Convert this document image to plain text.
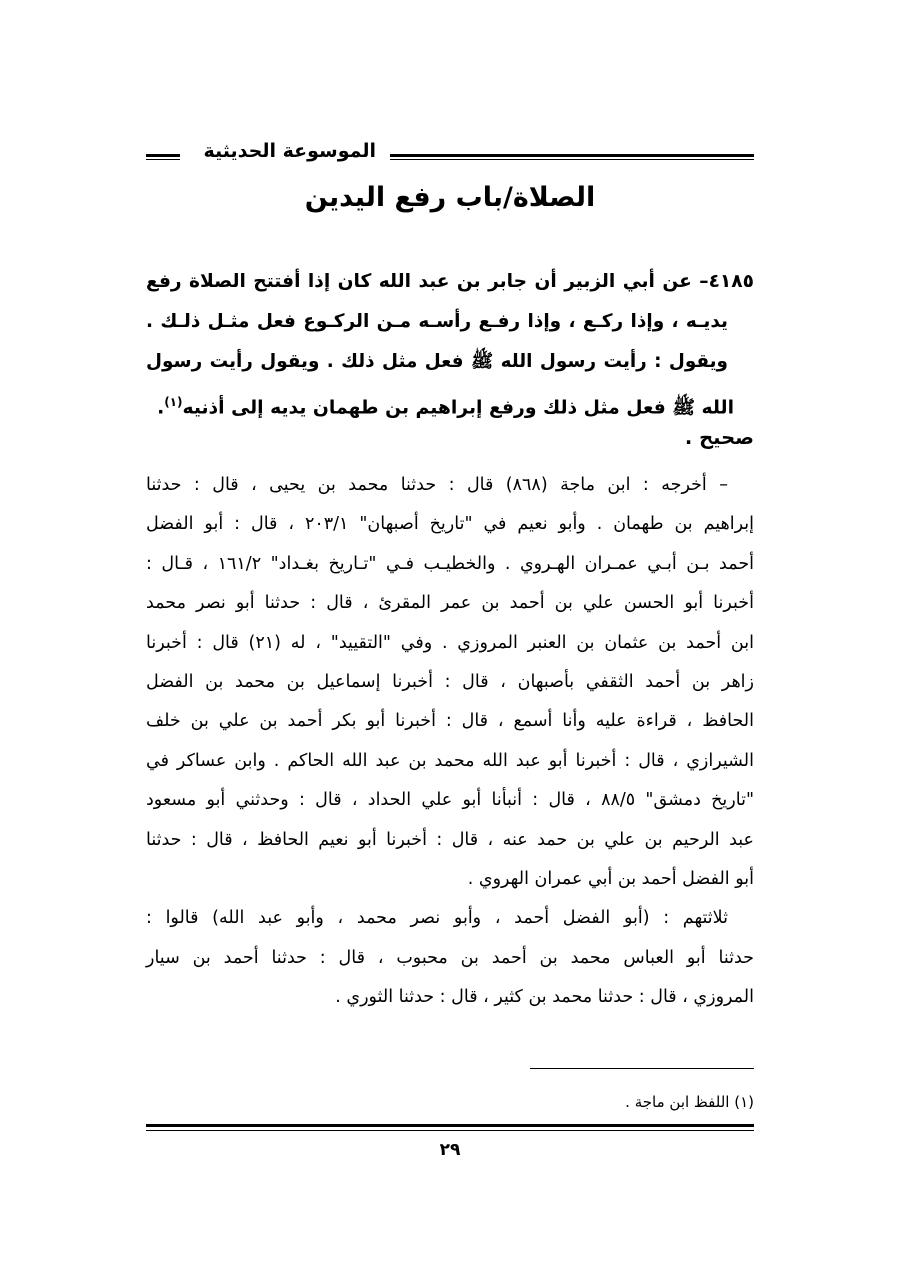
الموسوعة الحديثية
الصلاة/باب رفع اليدين
٤١٨٥– عن أبي الزبير أن جابر بن عبد الله كان إذا أفتتح الصلاة رفع
يديـه ، وإذا ركـع ، وإذا رفـع رأسـه مـن الركـوع فعل مثـل ذلـك .
ويقول : رأيت رسول الله ﷺ فعل مثل ذلك . ويقول رأيت رسول
الله ﷺ فعل مثل ذلك ورفع إبراهيم بن طهمان يديه إلى أذنيه$^{(١)}$.
صحيح .
– أخرجه : ابن ماجة (٨٦٨) قال : حدثنا محمد بن يحيى ، قال : حدثنا
إبراهيم بن طهمان . وأبو نعيم في "تاريخ أصبهان" ٢٠٣/١ ، قال : أبو الفضل
أحمد بـن أبـي عمـران الهـروي . والخطيـب فـي "تـاريخ بغـداد" ١٦١/٢ ، قـال :
أخبرنا أبو الحسن علي بن أحمد بن عمر المقرئ ، قال : حدثنا أبو نصر محمد
ابن أحمد بن عثمان بن العنبر المروزي . وفي "التقييد" ، له (٢١) قال : أخبرنا
زاهر بن أحمد الثقفي بأصبهان ، قال : أخبرنا إسماعيل بن محمد بن الفضل
الحافظ ، قراءة عليه وأنا أسمع ، قال : أخبرنا أبو بكر أحمد بن علي بن خلف
الشيرازي ، قال : أخبرنا أبو عبد الله محمد بن عبد الله الحاكم . وابن عساكر في
"تاريخ دمشق" ٨٨/٥ ، قال : أنبأنا أبو علي الحداد ، قال : وحدثني أبو مسعود
عبد الرحيم بن علي بن حمد عنه ، قال : أخبرنا أبو نعيم الحافظ ، قال : حدثنا
أبو الفضل أحمد بن أبي عمران الهروي .
ثلاثتهم : (أبو الفضل أحمد ، وأبو نصر محمد ، وأبو عبد الله) قالوا :
حدثنا أبو العباس محمد بن أحمد بن محبوب ، قال : حدثنا أحمد بن سيار
المروزي ، قال : حدثنا محمد بن كثير ، قال : حدثنا الثوري .
(١) اللفظ ابن ماجة .
٢٩
